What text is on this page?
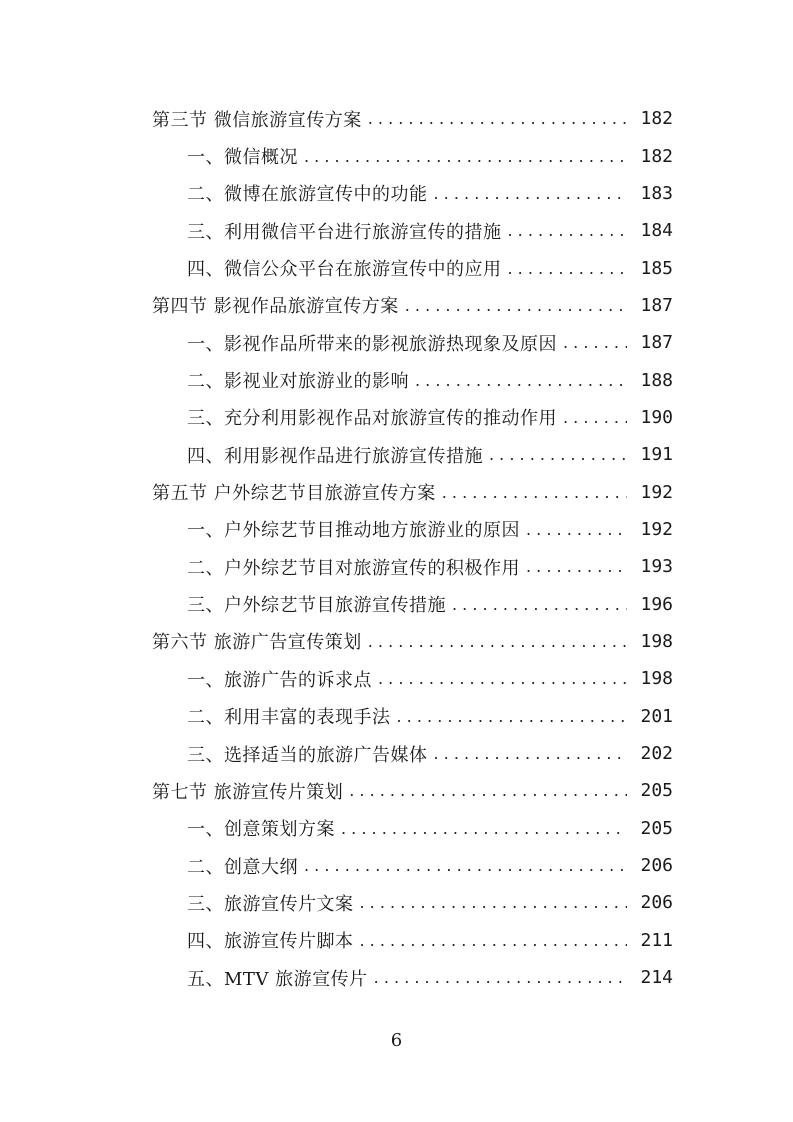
第三节 微信旅游宣传方案 . . .	182
一、微信概况 . . .	182
二、微博在旅游宣传中的功能 . . .	183
三、利用微信平台进行旅游宣传的措施 . . .	184
四、微信公众平台在旅游宣传中的应用 . . .	185
第四节 影视作品旅游宣传方案 . . .	187
一、影视作品所带来的影视旅游热现象及原因 . . .	187
二、影视业对旅游业的影响 . . .	188
三、充分利用影视作品对旅游宣传的推动作用 . . .	190
四、利用影视作品进行旅游宣传措施 . . .	191
第五节 户外综艺节目旅游宣传方案 . . .	192
一、户外综艺节目推动地方旅游业的原因 . . .	192
二、户外综艺节目对旅游宣传的积极作用 . . .	193
三、户外综艺节目旅游宣传措施 . . .	196
第六节 旅游广告宣传策划 . . .	198
一、旅游广告的诉求点 . . .	198
二、利用丰富的表现手法 . . .	201
三、选择适当的旅游广告媒体 . . .	202
第七节 旅游宣传片策划 . . .	205
一、创意策划方案 . . .	205
二、创意大纲 . . .	206
三、旅游宣传片文案 . . .	206
四、旅游宣传片脚本 . . .	211
五、MTV 旅游宣传片 . . .	214
6
